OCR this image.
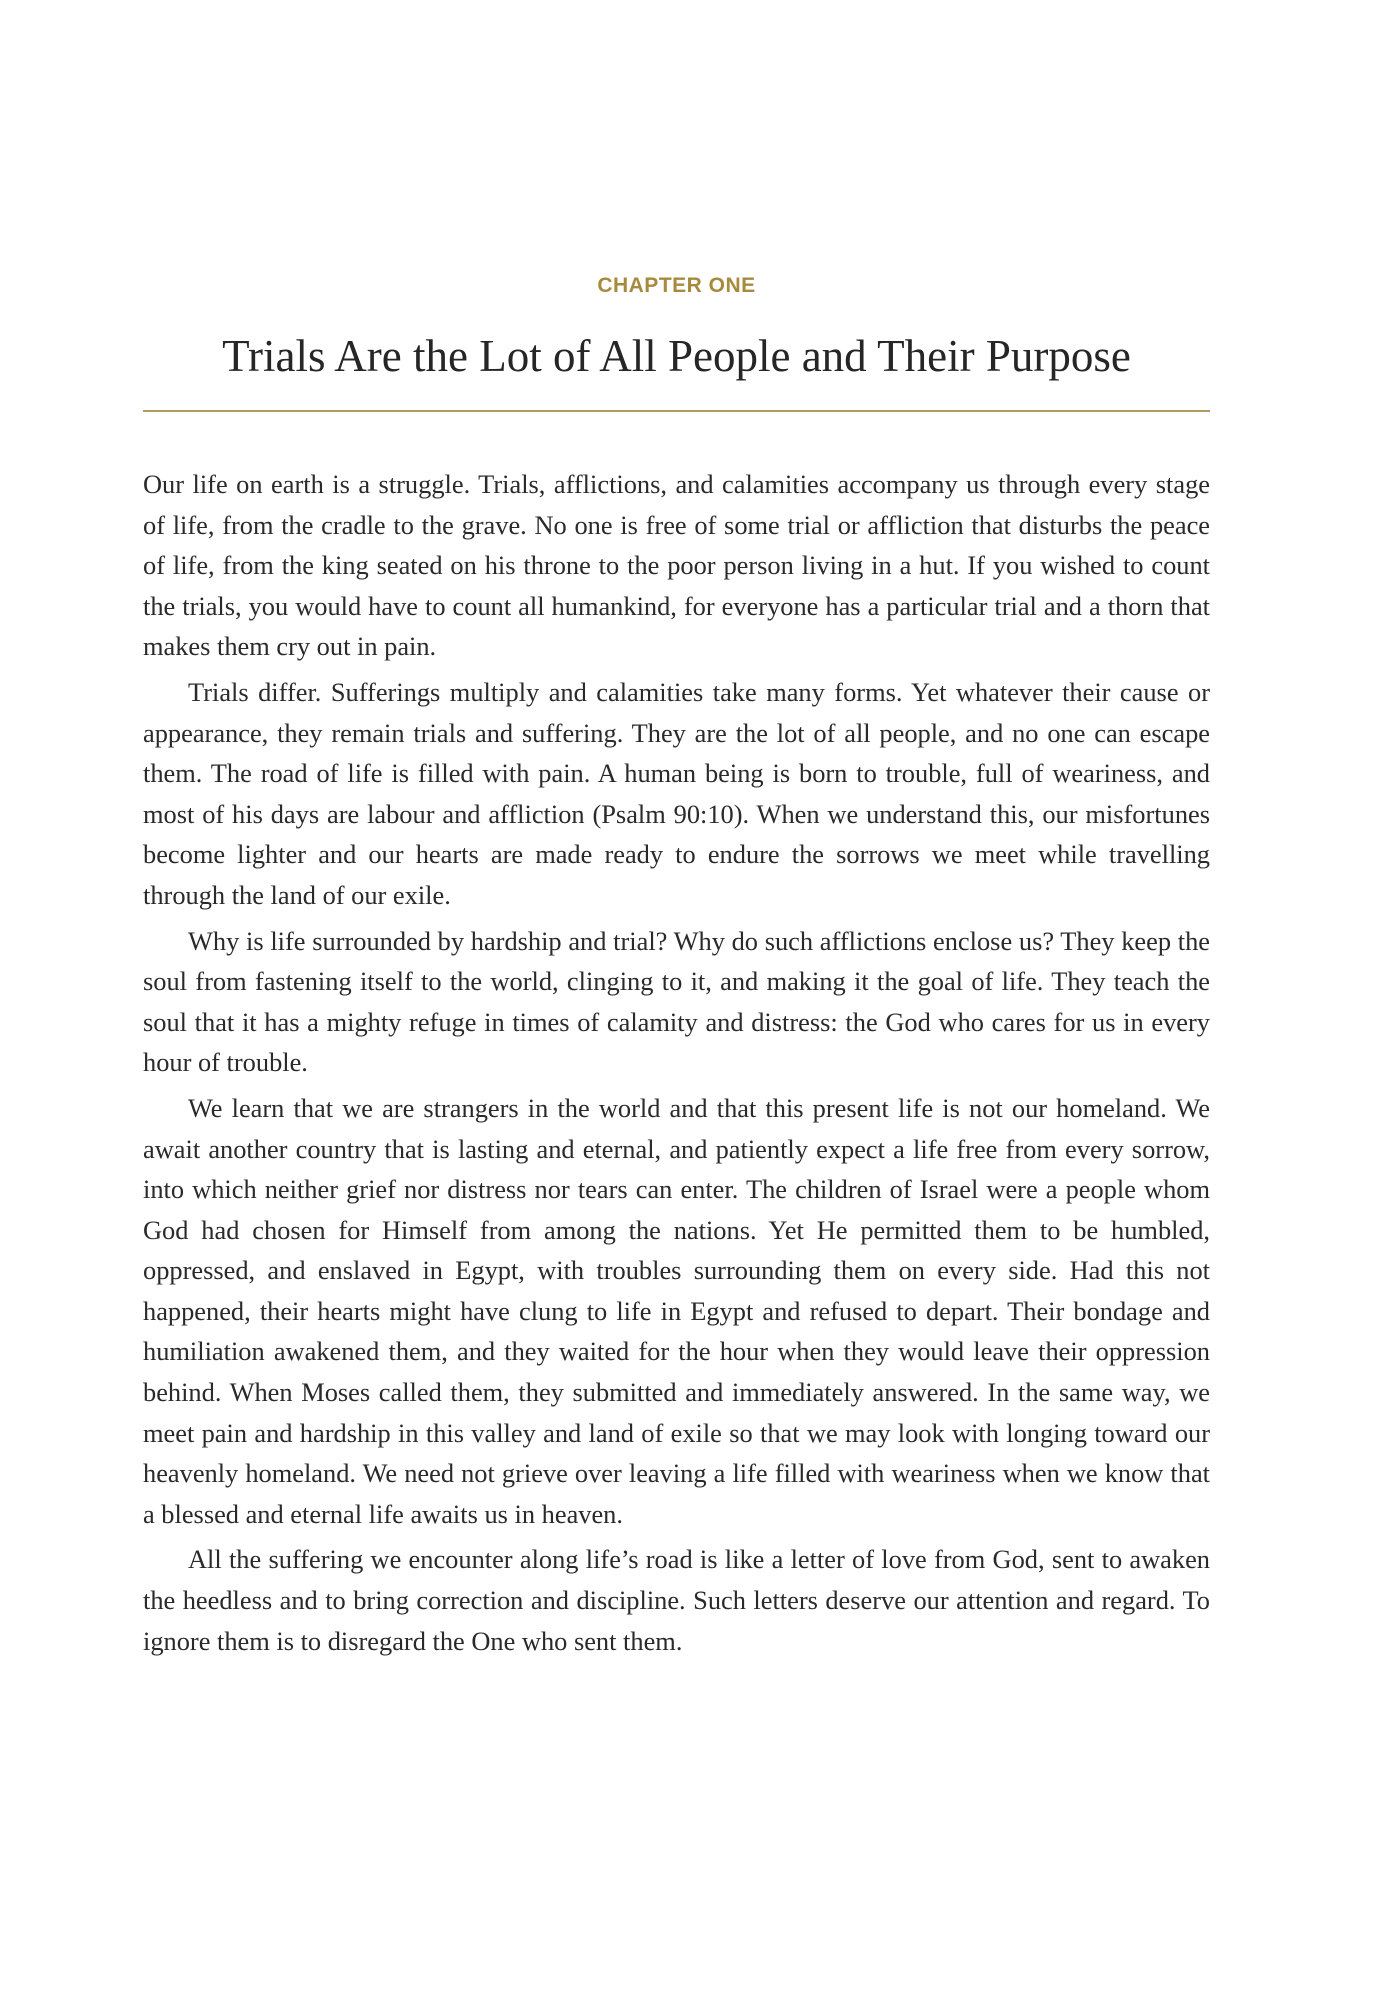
CHAPTER ONE
Trials Are the Lot of All People and Their Purpose

Our life on earth is a struggle. Trials, afflictions, and calamities accompany us through every stage of life, from the cradle to the grave. No one is free of some trial or affliction that disturbs the peace of life, from the king seated on his throne to the poor person living in a hut. If you wished to count the trials, you would have to count all humankind, for everyone has a particular trial and a thorn that makes them cry out in pain.

Trials differ. Sufferings multiply and calamities take many forms. Yet whatever their cause or appearance, they remain trials and suffering. They are the lot of all people, and no one can escape them. The road of life is filled with pain. A human being is born to trouble, full of weariness, and most of his days are labour and affliction (Psalm 90:10). When we understand this, our misfortunes become lighter and our hearts are made ready to endure the sorrows we meet while travelling through the land of our exile.

Why is life surrounded by hardship and trial? Why do such afflictions enclose us? They keep the soul from fastening itself to the world, clinging to it, and making it the goal of life. They teach the soul that it has a mighty refuge in times of calamity and distress: the God who cares for us in every hour of trouble.

We learn that we are strangers in the world and that this present life is not our homeland. We await another country that is lasting and eternal, and patiently expect a life free from every sorrow, into which neither grief nor distress nor tears can enter. The children of Israel were a people whom God had chosen for Himself from among the nations. Yet He permitted them to be humbled, oppressed, and enslaved in Egypt, with troubles surrounding them on every side. Had this not happened, their hearts might have clung to life in Egypt and refused to depart. Their bondage and humiliation awakened them, and they waited for the hour when they would leave their oppression behind. When Moses called them, they submitted and immediately answered. In the same way, we meet pain and hardship in this valley and land of exile so that we may look with longing toward our heavenly homeland. We need not grieve over leaving a life filled with weariness when we know that a blessed and eternal life awaits us in heaven.

All the suffering we encounter along life’s road is like a letter of love from God, sent to awaken the heedless and to bring correction and discipline. Such letters deserve our attention and regard. To ignore them is to disregard the One who sent them.
